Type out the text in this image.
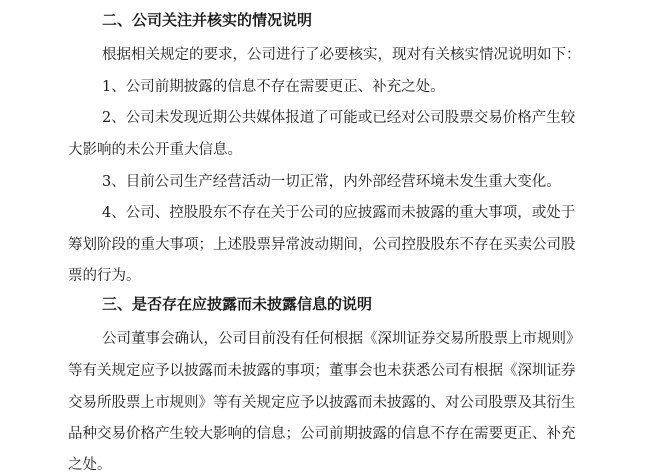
二、公司关注并核实的情况说明
根据相关规定的要求，公司进行了必要核实，现对有关核实情况说明如下：
1、公司前期披露的信息不存在需要更正、补充之处。
2、公司未发现近期公共媒体报道了可能或已经对公司股票交易价格产生较
大影响的未公开重大信息。
3、目前公司生产经营活动一切正常，内外部经营环境未发生重大变化。
4、公司、控股股东不存在关于公司的应披露而未披露的重大事项，或处于
筹划阶段的重大事项；上述股票异常波动期间，公司控股股东不存在买卖公司股
票的行为。
三、是否存在应披露而未披露信息的说明
公司董事会确认，公司目前没有任何根据《深圳证券交易所股票上市规则》
等有关规定应予以披露而未披露的事项；董事会也未获悉公司有根据《深圳证券
交易所股票上市规则》等有关规定应予以披露而未披露的、对公司股票及其衍生
品种交易价格产生较大影响的信息；公司前期披露的信息不存在需要更正、补充
之处。
